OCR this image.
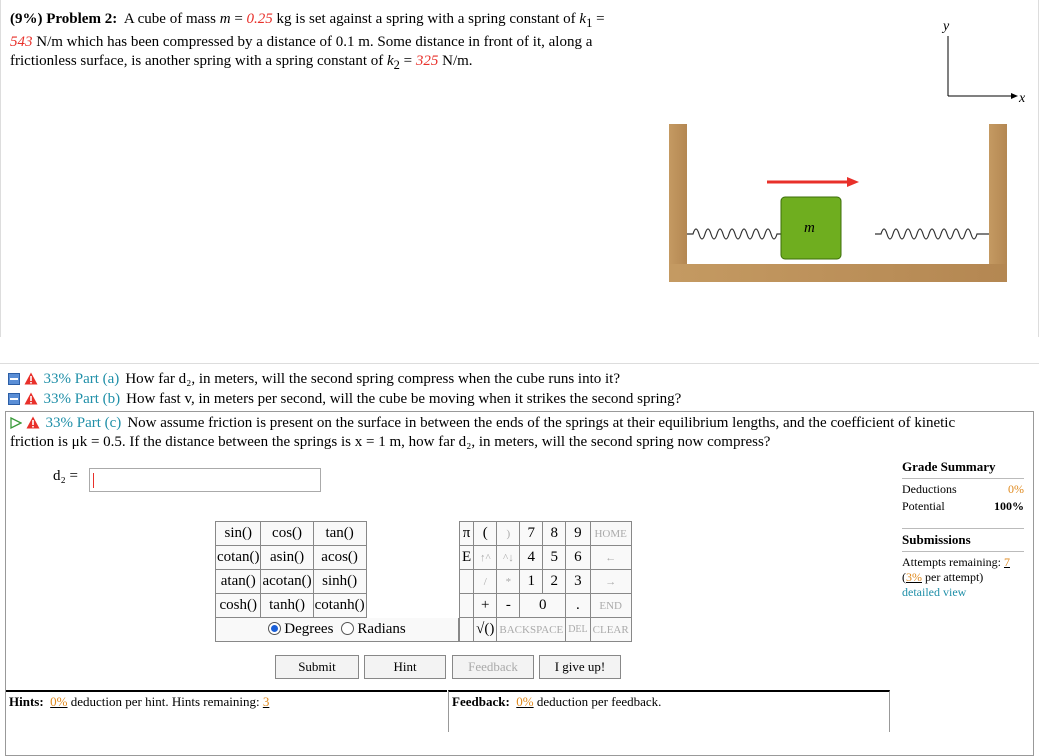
(9%) Problem 2: A cube of mass m = 0.25 kg is set against a spring with a spring constant of $k_1$ =
543 N/m which has been compressed by a distance of 0.1 m. Some distance in front of it, along a frictionless surface, is another spring with a spring constant of $k_2 = 325$ N/m.
y
x
m
33% Part (a) How far d₂, in meters, will the second spring compress when the cube runs into it?
33% Part (b) How fast v, in meters per second, will the cube be moving when it strikes the second spring?
33% Part (c) Now assume friction is present on the surface in between the ends of the springs at their equilibrium lengths, and the coefficient of kinetic
friction is μk = 0.5. If the distance between the springs is x = 1 m, how far d₂, in meters, will the second spring now compress?
d₂ =
sin()	cos()	tan()
cotan()	asin()	acos()
atan()	acotan()	sinh()
cosh()	tanh()	cotanh()
Degrees	Radians
π	(	)	7	8	9	HOME
E	↑^	^↓	4	5	6	←
	/	*	1	2	3	→
	+	-	0		.	END
	√()	BACKSPACE			DEL	CLEAR
Submit	Hint	Feedback	I give up!
Grade Summary
Deductions	0%
Potential	100%
Submissions
Attempts remaining: 7
(3% per attempt)
detailed view
Hints: 0% deduction per hint. Hints remaining: 3	Feedback: 0% deduction per feedback.
